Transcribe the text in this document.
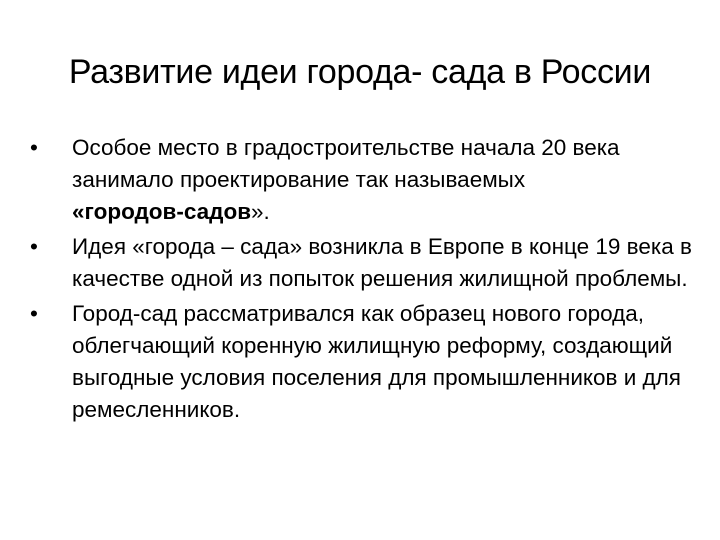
Развитие идеи города- сада в России
• Особое место в градостроительстве начала 20 века занимало проектирование так называемых
«городов-садов».
• Идея «города – сада» возникла в Европе в конце 19 века в качестве одной из попыток решения жилищной проблемы.
• Город-сад рассматривался как образец нового города, облегчающий коренную жилищную реформу, создающий выгодные условия поселения для промышленников и для ремесленников.
